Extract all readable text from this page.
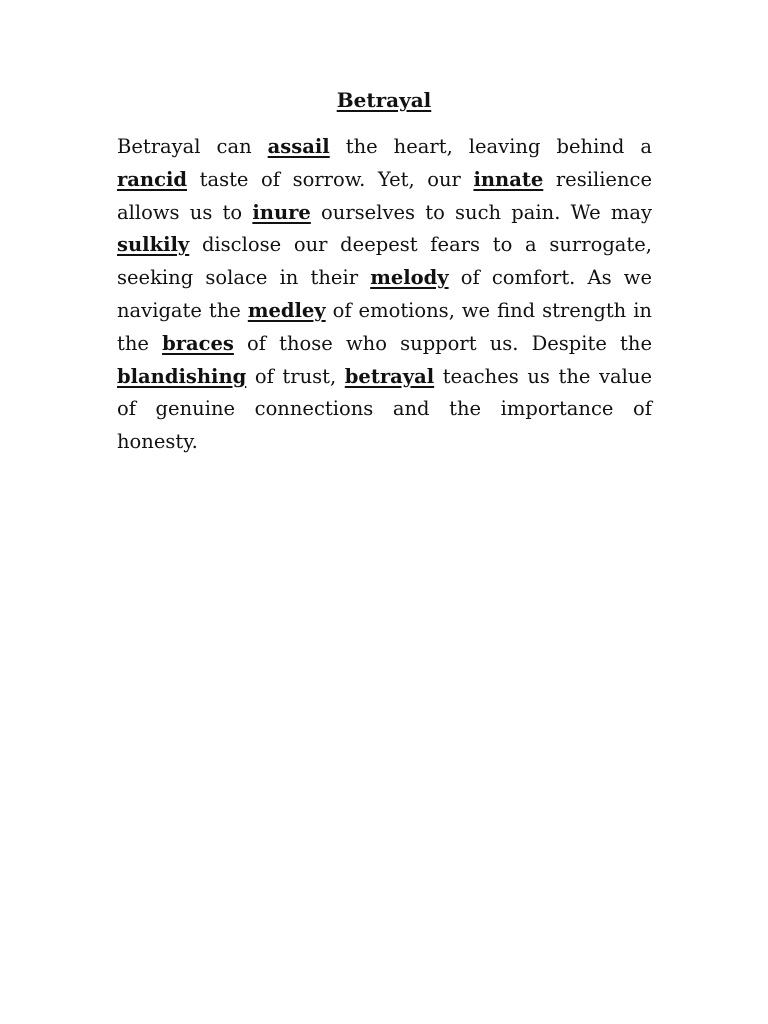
Betrayal

Betrayal can assail the heart, leaving behind a rancid taste of sorrow. Yet, our innate resilience allows us to inure ourselves to such pain. We may sulkily disclose our deepest fears to a surrogate, seeking solace in their melody of comfort. As we navigate the medley of emotions, we find strength in the braces of those who support us. Despite the blandishing of trust, betrayal teaches us the value of genuine connections and the importance of honesty.
